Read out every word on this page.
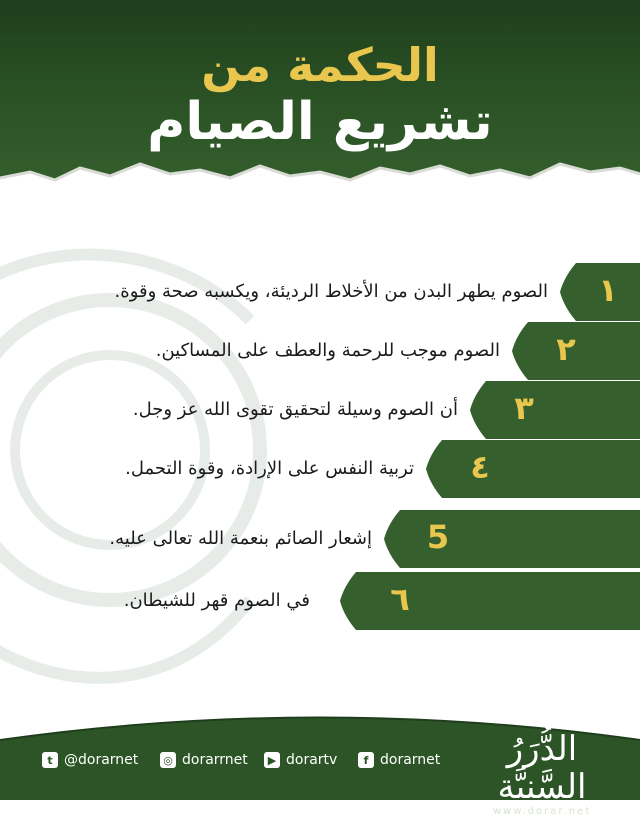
الحكمة من
تشريع الصيام
١
الصوم يطهر البدن من الأخلاط الرديئة، ويكسبه صحة وقوة.
٢
الصوم موجب للرحمة والعطف على المساكين.
٣
أن الصوم وسيلة لتحقيق تقوى الله عز وجل.
٤
تربية النفس على الإرادة، وقوة التحمل.
5
إشعار الصائم بنعمة الله تعالى عليه.
٦
في الصوم قهر للشيطان.
t @dorarnet ◎ dorarrnet	▶ dorartv	f dorarnet	الدُّرَرُ السَّنِيَّة
www.dorar.net
